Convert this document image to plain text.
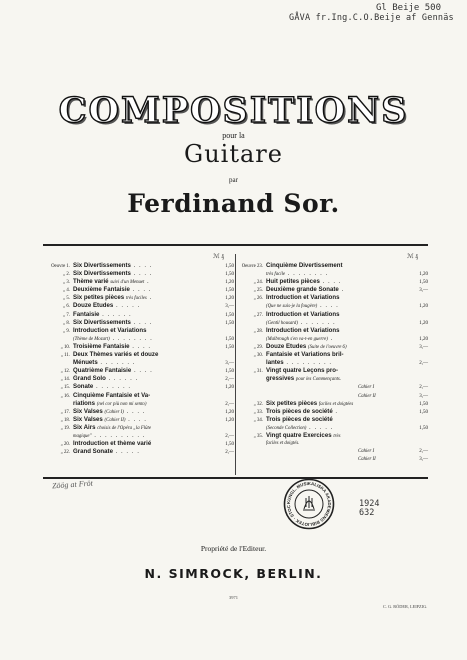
Gl Beije 500
GÅVA fr.Ing.C.O.Beije af Gennäs
COMPOSITIONS
pour la
Guitare
par
Ferdinand Sor.
ℳ ₰
Oeuvre 1. Six Divertissements . . . .	1,50
„ 2. Six Divertissements . . . .	1,50
„ 3. Thème varié suivi d'un Menuet .	1,20
„ 4. Deuxième Fantaisie . . . .	1,50
„ 5. Six petites pièces très faciles .	1,20
„ 6. Douze Etudes . . . . .	3,—
„ 7. Fantaisie . . . . . .	1,50
„ 8. Six Divertissements . . . .	1,50
„ 9. Introduction et Variations
(Thème de Mozart) . . . . . . . .	1,50
„ 10. Troisième Fantaisie . . . .	1,50
„ 11. Deux Thèmes variés et douze
Ménuets . . . . . . .	3,—
„ 12. Quatrième Fantaisie . . . .	1,50
„ 14. Grand Solo . . . . . .	2,—
„ 15. Sonate . . . . . . .	1,20
„ 16. Cinquième Fantaisie et Va-
riations (nel cor più non mi sento)	2,—
„ 17. Six Valses (Cahier I) . . . .	1,20
„ 18. Six Valses (Cahier II) . . . .	1,20
„ 19. Six Airs choisis de l'Opéra „la Flûte
magique" . . . . . . . . . .	2,—
„ 20. Introduction et thème varié	1,50
„ 22. Grand Sonate . . . . .	2,—
ℳ ₰
Oeuvre 23. Cinquième Divertissement
très facile . . . . . . . .	1,20
„ 24. Huit petites pièces . . . .	1,50
„ 25. Deuxième grande Sonate .	3,—
„ 26. Introduction et Variations
(Que ne suis-je la fougère) . . . .	1,20
„ 27. Introduction et Variations
(Gentil housard) . . . . . . .	1,20
„ 28. Introduction et Variations
(Malbrough s'en va-t-en guerre) .	1,20
„ 29. Douze Etudes (Suite de l'oeuvre 6)	3,—
„ 30. Fantaisie et Variations bril-
lantes . . . . . . . . .	2,—
„ 31. Vingt quatre Leçons pro-
gressives pour les Commençants.
Cahier I	2,—
Cahier II	3,—
„ 32. Six petites pièces faciles et doigtées	1,50
„ 33. Trois pièces de société .	1,50
„ 34. Trois pièces de société
(Seconde Collection) . . . . .	1,50
„ 35. Vingt quatre Exercices très
faciles et doigtés.
Cahier I	2,—
Cahier II	3,—
Zöög at Fröt
KUNGL. MUSIKALISKA AKADEMIENS BIBLIOTEK · STOC	1924
632
Propriété de l'Editeur.
N. SIMROCK, BERLIN.
3971
C. G. RÖDER, LEIPZIG.
